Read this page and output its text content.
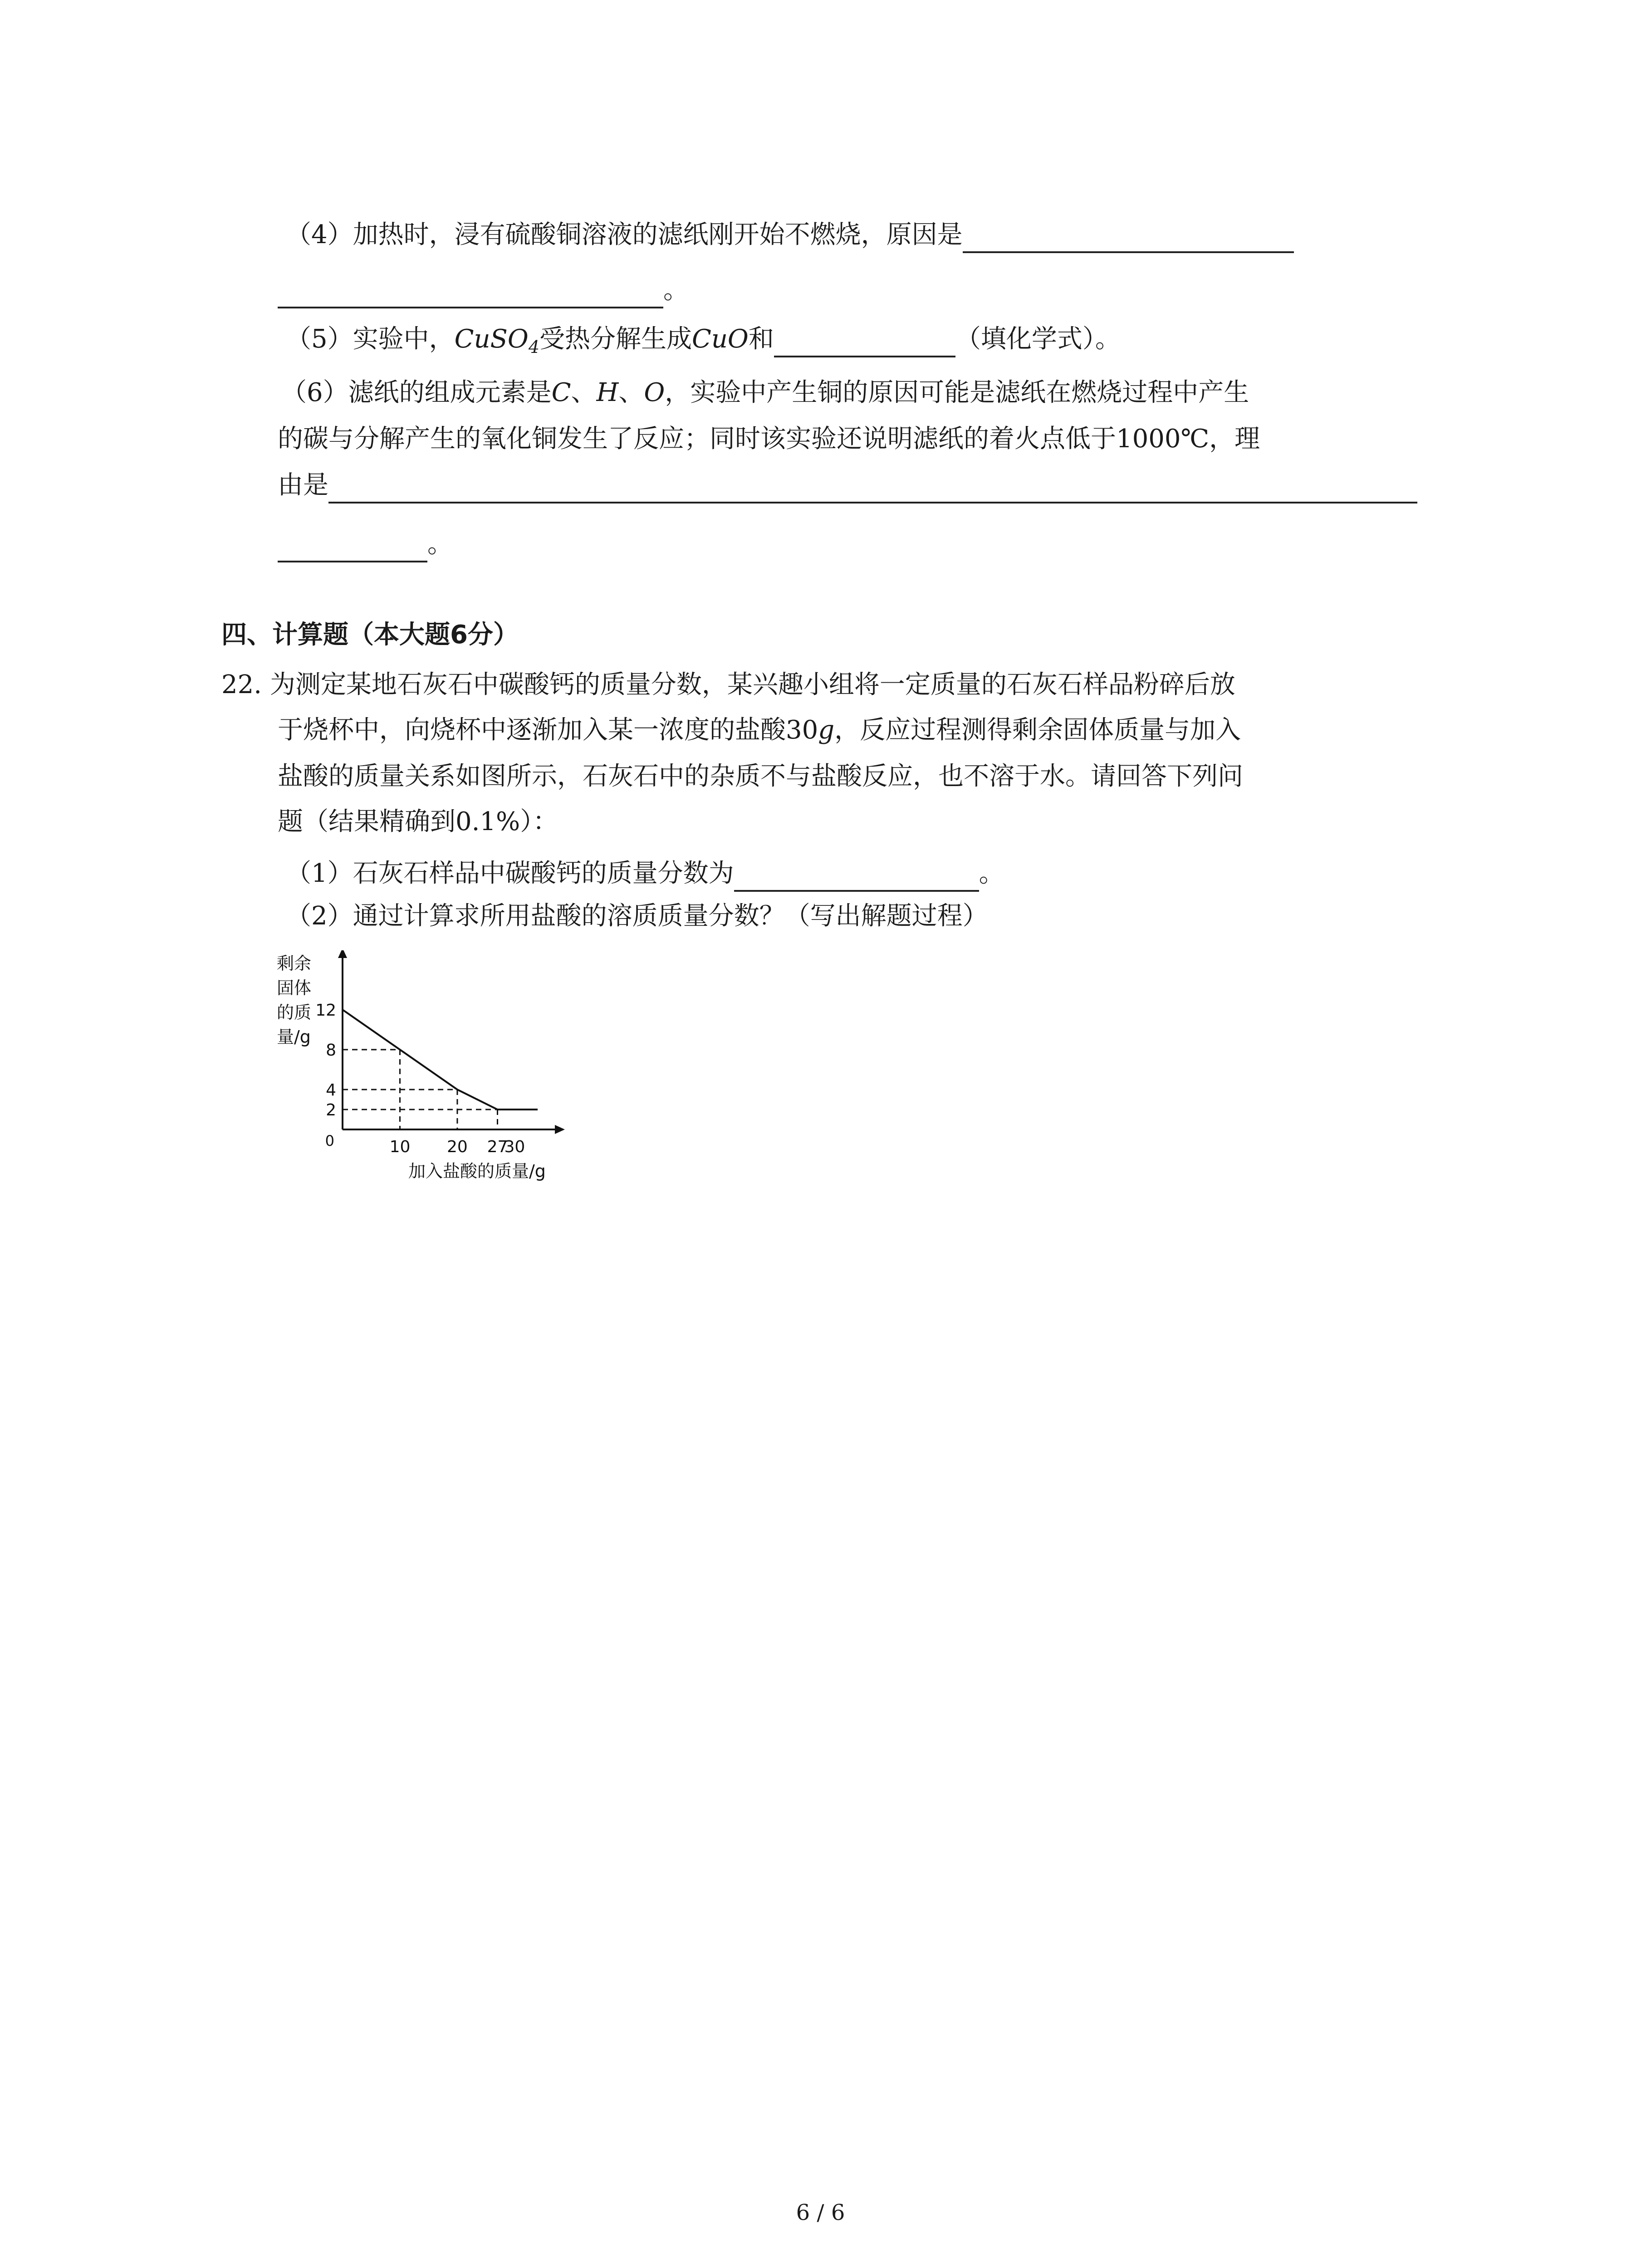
（4）加热时，浸有硫酸铜溶液的滤纸刚开始不燃烧，原因是
。
（5）实验中，CuSO$_4$受热分解生成CuO和	（填化学式）。
（6）滤纸的组成元素是C、H、O，实验中产生铜的原因可能是滤纸在燃烧过程中产生
的碳与分解产生的氧化铜发生了反应；同时该实验还说明滤纸的着火点低于1000℃，理
由是
。
四、计算题（本大题6分）
22. 为测定某地石灰石中碳酸钙的质量分数，某兴趣小组将一定质量的石灰石样品粉碎后放
于烧杯中，向烧杯中逐渐加入某一浓度的盐酸30g，反应过程测得剩余固体质量与加入
盐酸的质量关系如图所示，石灰石中的杂质不与盐酸反应，也不溶于水。请回答下列问
题（结果精确到0.1%）：
（1）石灰石样品中碳酸钙的质量分数为	。
（2）通过计算求所用盐酸的溶质质量分数？（写出解题过程）
2
4
8
12
10 20 27
30
0
剩余
固体
的质
量/g
加入盐酸的质量/g
6 / 6
